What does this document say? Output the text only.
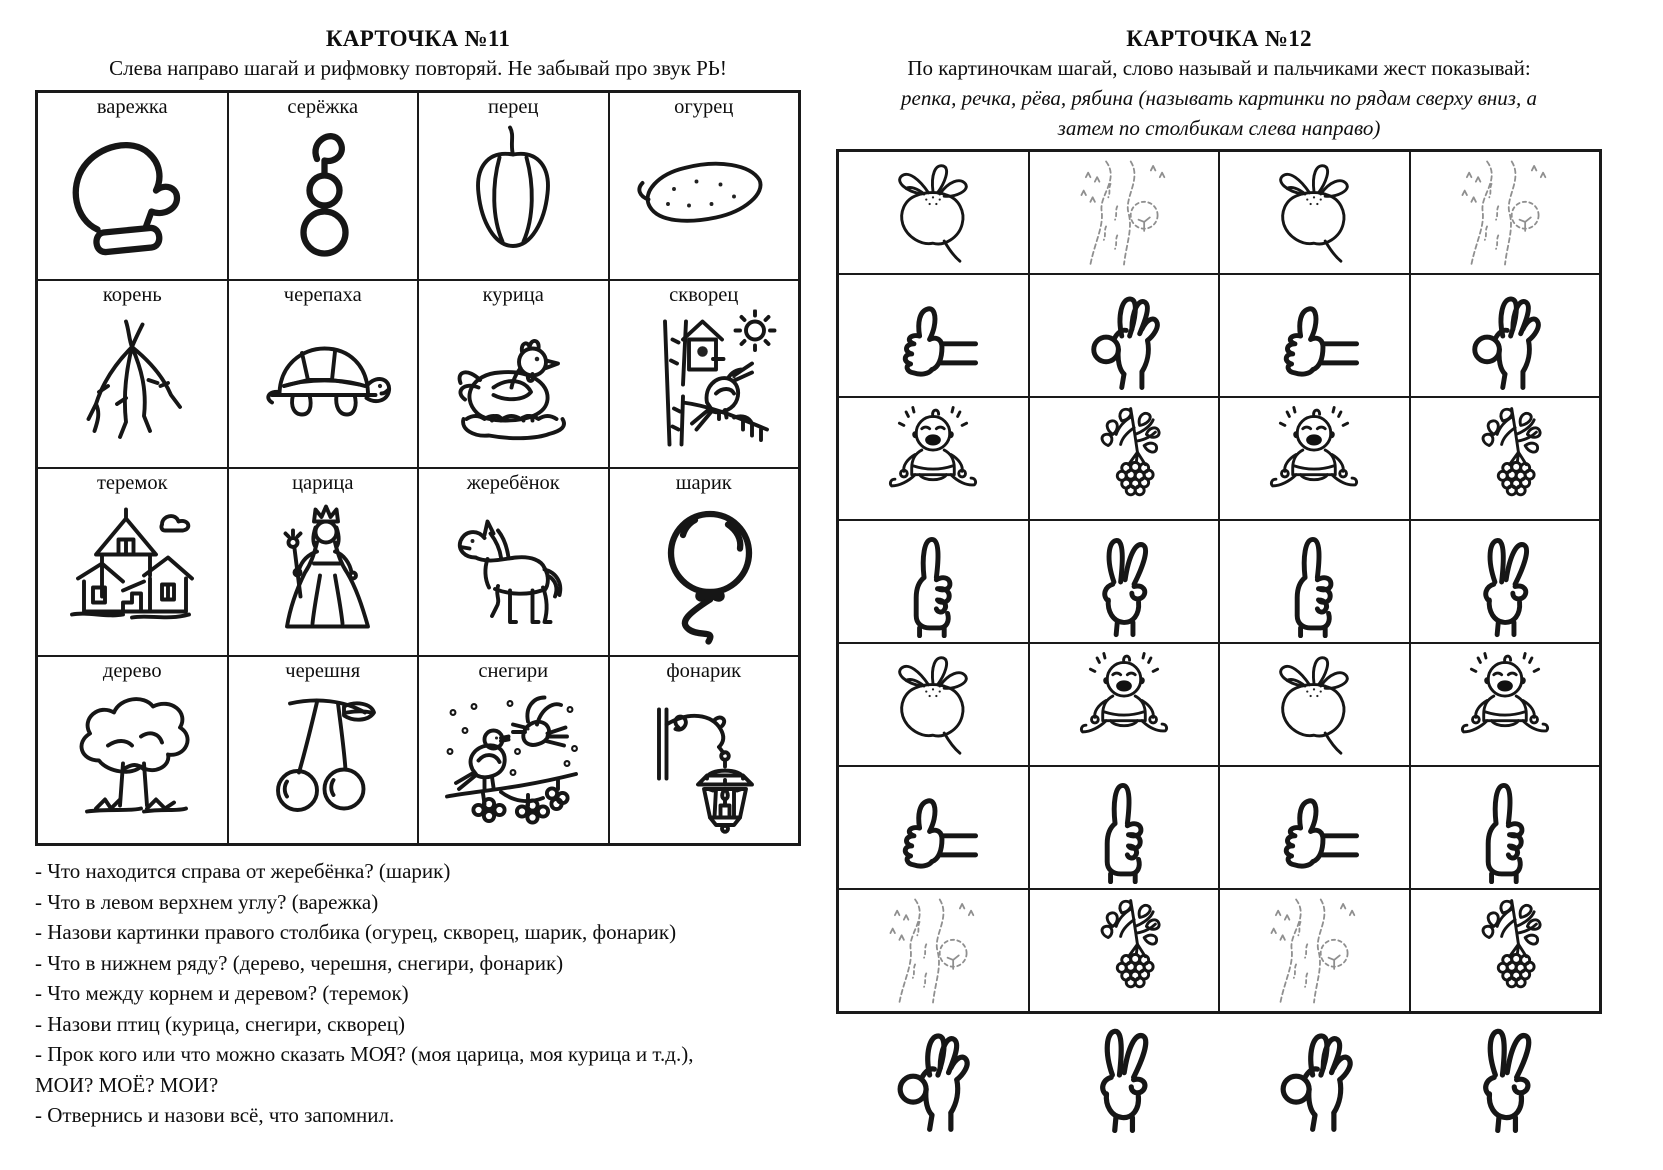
КАРТОЧКА №11
Слева направо шагай и рифмовку повторяй. Не забывай про звук РЬ!
варежка	серёжка	перец	огурец
корень	черепаха	курица	скворец
теремок	царица	жеребёнок	шарик
дерево	черешня	снегири	фонарик
- Что находится справа от жеребёнка? (шарик)
- Что в левом верхнем углу? (варежка)
- Назови картинки правого столбика (огурец, скворец, шарик, фонарик)
- Что в нижнем ряду? (дерево, черешня, снегири, фонарик)
- Что между корнем и деревом? (теремок)
- Назови птиц (курица, снегири, скворец)
- Прок кого или что можно сказать МОЯ? (моя царица, моя курица и т.д.),
МОИ? МОЁ? МОИ?
- Отвернись и назови всё, что запомнил.
КАРТОЧКА №12
По картиночкам шагай, слово называй и пальчиками жест показывай:
репка, речка, рёва, рябина (называть картинки по рядам сверху вниз, а
затем по столбикам слева направо)
